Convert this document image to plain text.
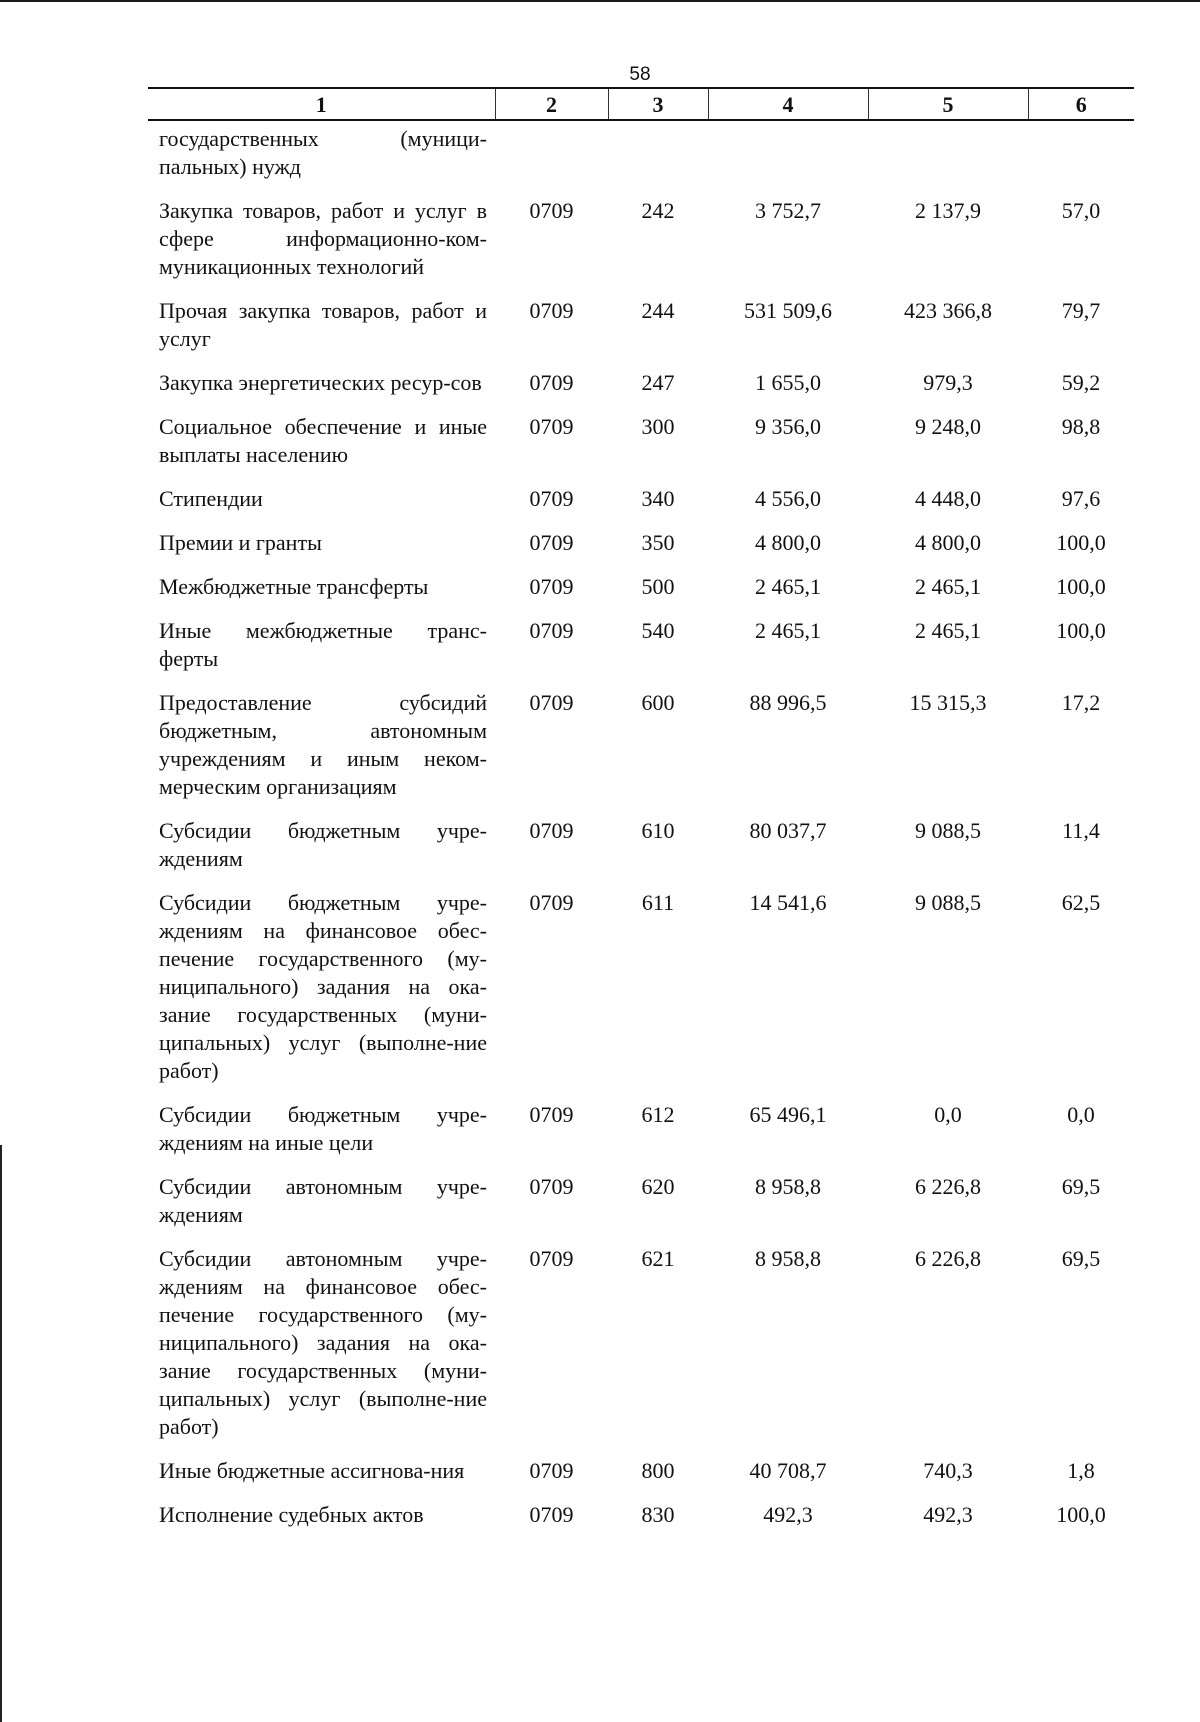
58
1	2	3	4	5	6
государственных (муници-пальных) нужд					
Закупка товаров, работ и услуг в сфере информационно-ком-муникационных технологий	0709	242	3 752,7	2 137,9	57,0
Прочая закупка товаров, работ и услуг	0709	244	531 509,6	423 366,8	79,7
Закупка энергетических ресур-сов	0709	247	1 655,0	979,3	59,2
Социальное обеспечение и иные выплаты населению	0709	300	9 356,0	9 248,0	98,8
Стипендии	0709	340	4 556,0	4 448,0	97,6
Премии и гранты	0709	350	4 800,0	4 800,0	100,0
Межбюджетные трансферты	0709	500	2 465,1	2 465,1	100,0
Иные межбюджетные транс-ферты	0709	540	2 465,1	2 465,1	100,0
Предоставление субсидий бюджетным, автономным учреждениям и иным неком-мерческим организациям	0709	600	88 996,5	15 315,3	17,2
Субсидии бюджетным учре-ждениям	0709	610	80 037,7	9 088,5	11,4
Субсидии бюджетным учре-ждениям на финансовое обес-печение государственного (му-ниципального) задания на ока-зание государственных (муни-ципальных) услуг (выполне-ние работ)	0709	611	14 541,6	9 088,5	62,5
Субсидии бюджетным учре-ждениям на иные цели	0709	612	65 496,1	0,0	0,0
Субсидии автономным учре-ждениям	0709	620	8 958,8	6 226,8	69,5
Субсидии автономным учре-ждениям на финансовое обес-печение государственного (му-ниципального) задания на ока-зание государственных (муни-ципальных) услуг (выполне-ние работ)	0709	621	8 958,8	6 226,8	69,5
Иные бюджетные ассигнова-ния	0709	800	40 708,7	740,3	1,8
Исполнение судебных актов	0709	830	492,3	492,3	100,0
